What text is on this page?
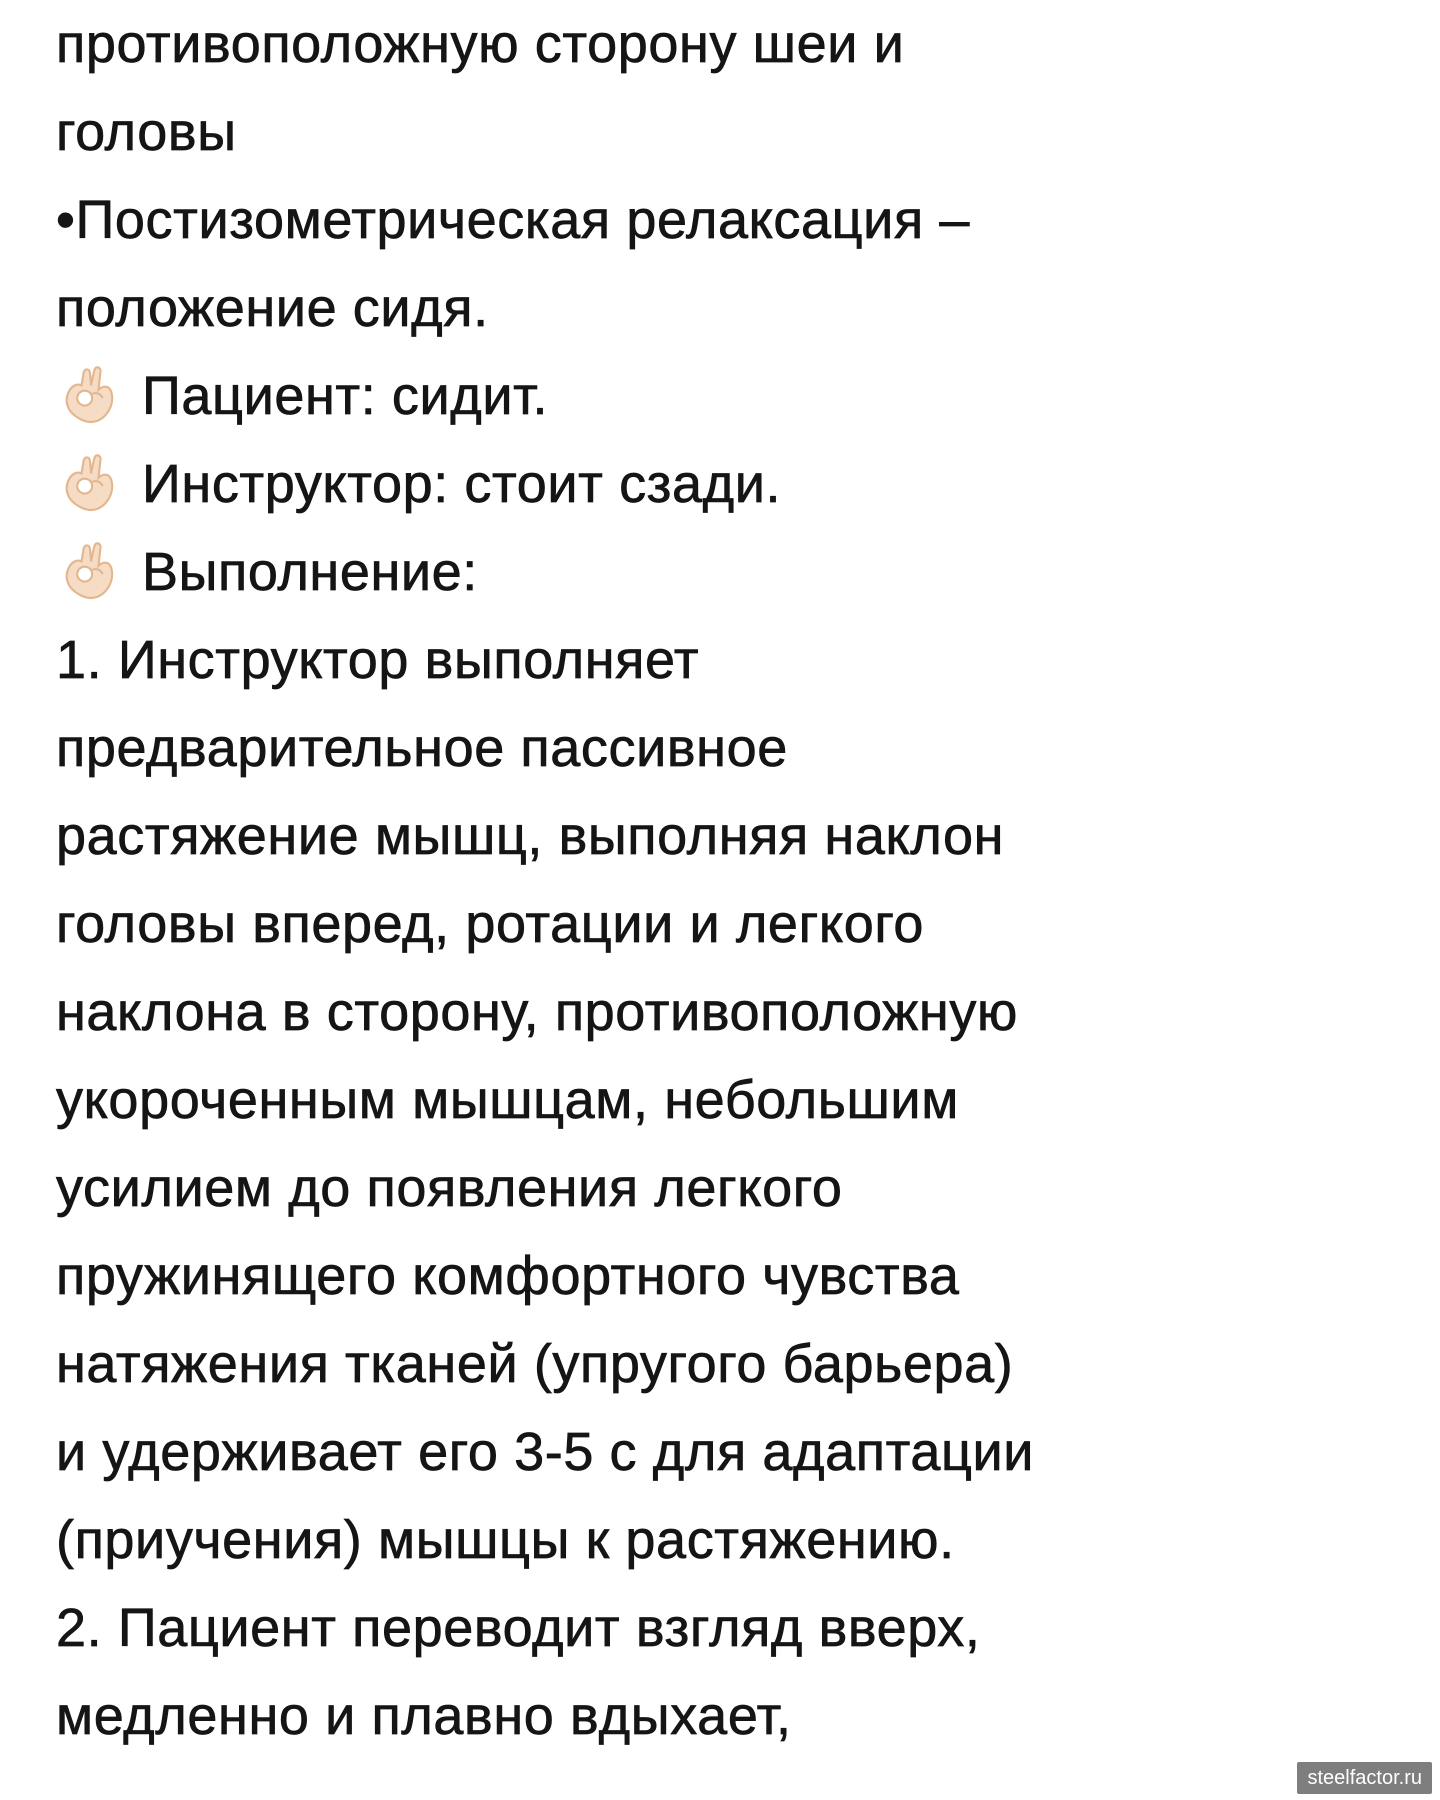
противоположную сторону шеи и
головы
•Постизометрическая релаксация –
положение сидя.
Пациент: сидит.
Инструктор: стоит сзади.
Выполнение:
1. Инструктор выполняет
предварительное пассивное
растяжение мышц, выполняя наклон
головы вперед, ротации и легкого
наклона в сторону, противоположную
укороченным мышцам, небольшим
усилием до появления легкого
пружинящего комфортного чувства
натяжения тканей (упругого барьера)
и удерживает его 3-5 с для адаптации
(приучения) мышцы к растяжению.
2. Пациент переводит взгляд вверх,
медленно и плавно вдыхает,
steelfactor.ru
